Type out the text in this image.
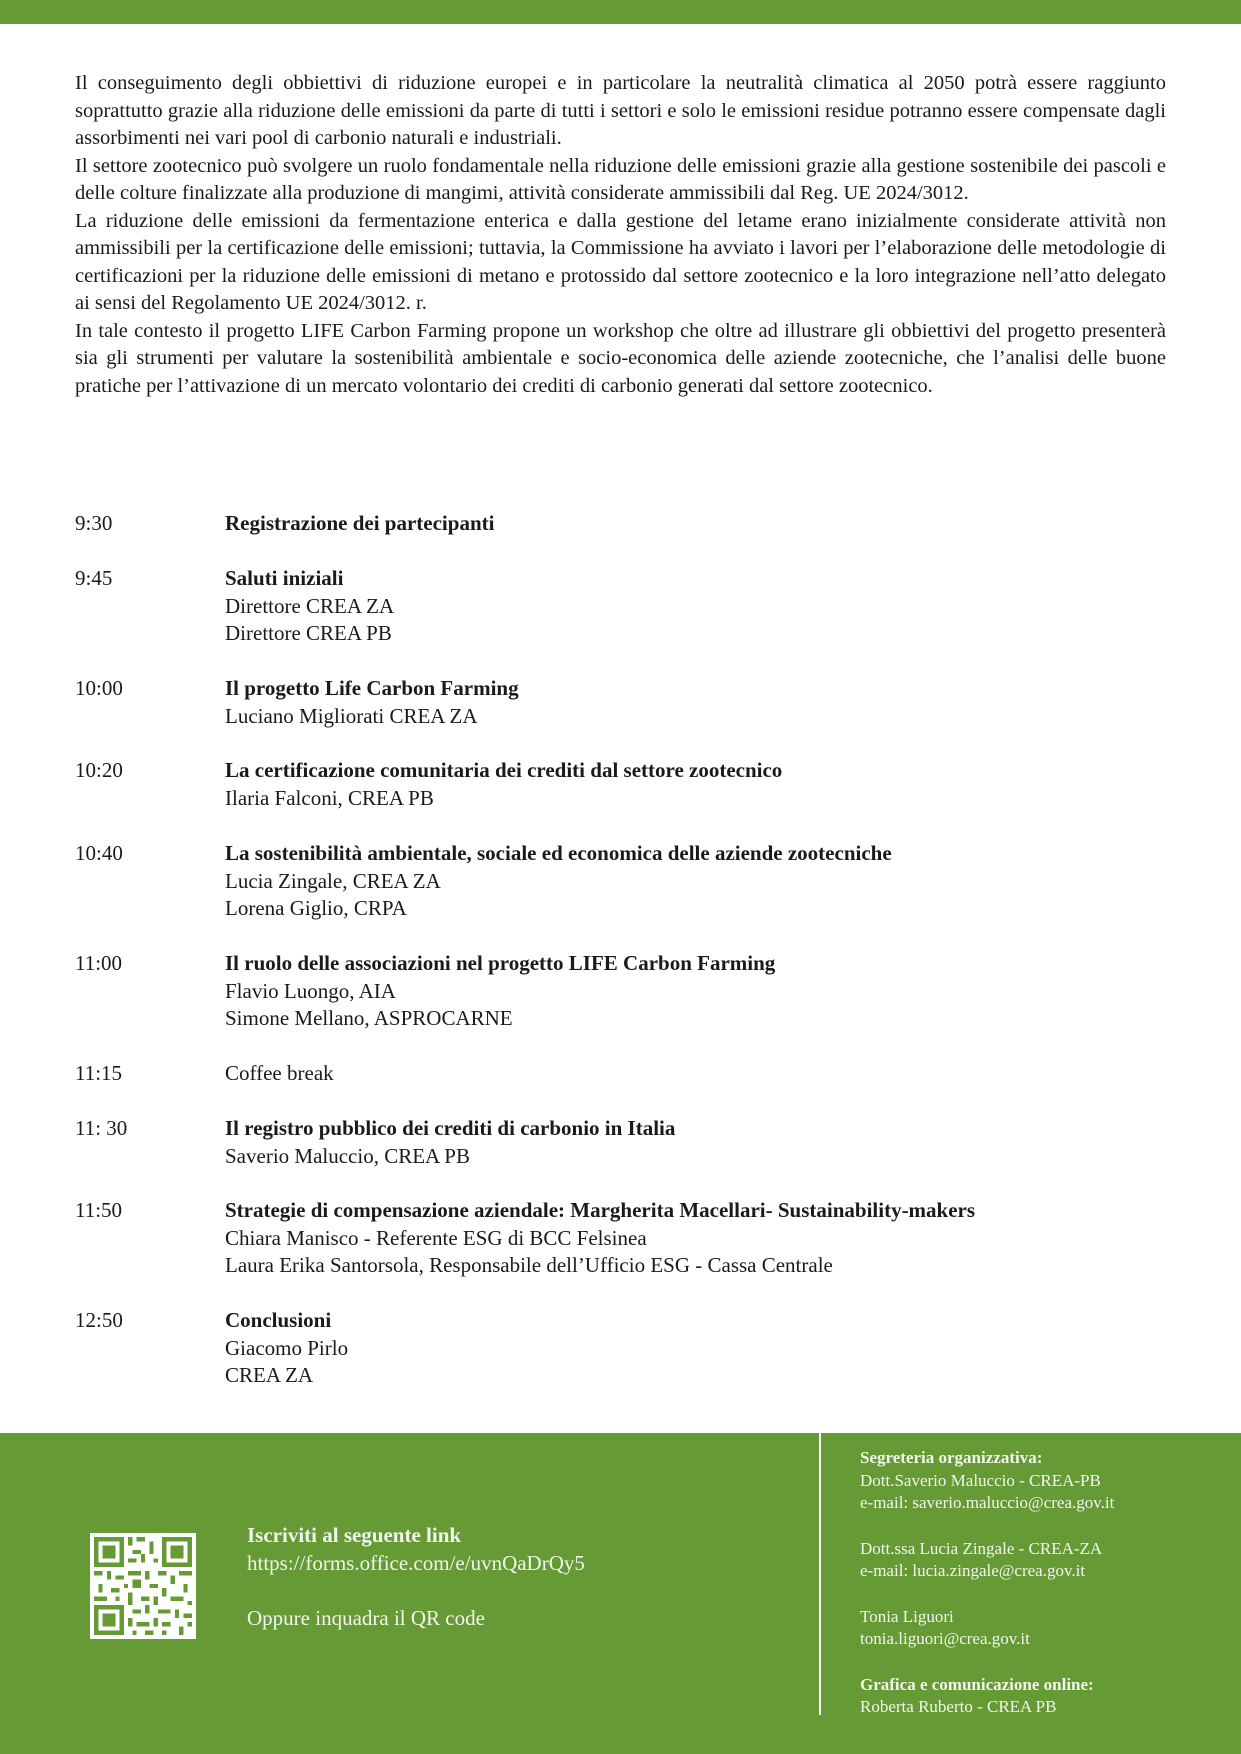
Il conseguimento degli obbiettivi di riduzione europei e in particolare la neutralità climatica al 2050 potrà essere raggiunto soprattutto grazie alla riduzione delle emissioni da parte di tutti i settori e solo le emissioni residue potranno essere compensate dagli assorbimenti nei vari pool di carbonio naturali e industriali.

Il settore zootecnico può svolgere un ruolo fondamentale nella riduzione delle emissioni grazie alla gestione sostenibile dei pascoli e delle colture finalizzate alla produzione di mangimi, attività considerate ammissibili dal Reg. UE 2024/3012.

La riduzione delle emissioni da fermentazione enterica e dalla gestione del letame erano inizialmente considerate attività non ammissibili per la certificazione delle emissioni; tuttavia, la Commissione ha avviato i lavori per l’elaborazione delle metodologie di certificazioni per la riduzione delle emissioni di metano e protossido dal settore zootecnico e la loro integrazione nell’atto delegato ai sensi del Regolamento UE 2024/3012. r.

In tale contesto il progetto LIFE Carbon Farming propone un workshop che oltre ad illustrare gli obbiettivi del progetto presenterà sia gli strumenti per valutare la sostenibilità ambientale e socio-economica delle aziende zootecniche, che l’analisi delle buone pratiche per l’attivazione di un mercato volontario dei crediti di carbonio generati dal settore zootecnico.

9:30	Registrazione dei partecipanti
9:45	Saluti iniziali
Direttore CREA ZA
Direttore CREA PB
10:00	Il progetto Life Carbon Farming
Luciano Migliorati CREA ZA
10:20	La certificazione comunitaria dei crediti dal settore zootecnico
Ilaria Falconi, CREA PB
10:40	La sostenibilità ambientale, sociale ed economica delle aziende zootecniche
Lucia Zingale, CREA ZA
Lorena Giglio, CRPA
11:00	Il ruolo delle associazioni nel progetto LIFE Carbon Farming
Flavio Luongo, AIA
Simone Mellano, ASPROCARNE
11:15	Coffee break
11: 30	Il registro pubblico dei crediti di carbonio in Italia
Saverio Maluccio, CREA PB
11:50	Strategie di compensazione aziendale: Margherita Macellari- Sustainability-makers
Chiara Manisco - Referente ESG di BCC Felsinea
Laura Erika Santorsola, Responsabile dell’Ufficio ESG - Cassa Centrale
12:50	Conclusioni
Giacomo Pirlo
CREA ZA
Iscriviti al seguente link
https://forms.office.com/e/uvnQaDrQy5
Oppure inquadra il QR code
Segreteria organizzativa:
Dott.Saverio Maluccio - CREA-PB
e-mail: saverio.maluccio@crea.gov.it
Dott.ssa Lucia Zingale - CREA-ZA
e-mail: lucia.zingale@crea.gov.it
Tonia Liguori
tonia.liguori@crea.gov.it
Grafica e comunicazione online:
Roberta Ruberto - CREA PB
